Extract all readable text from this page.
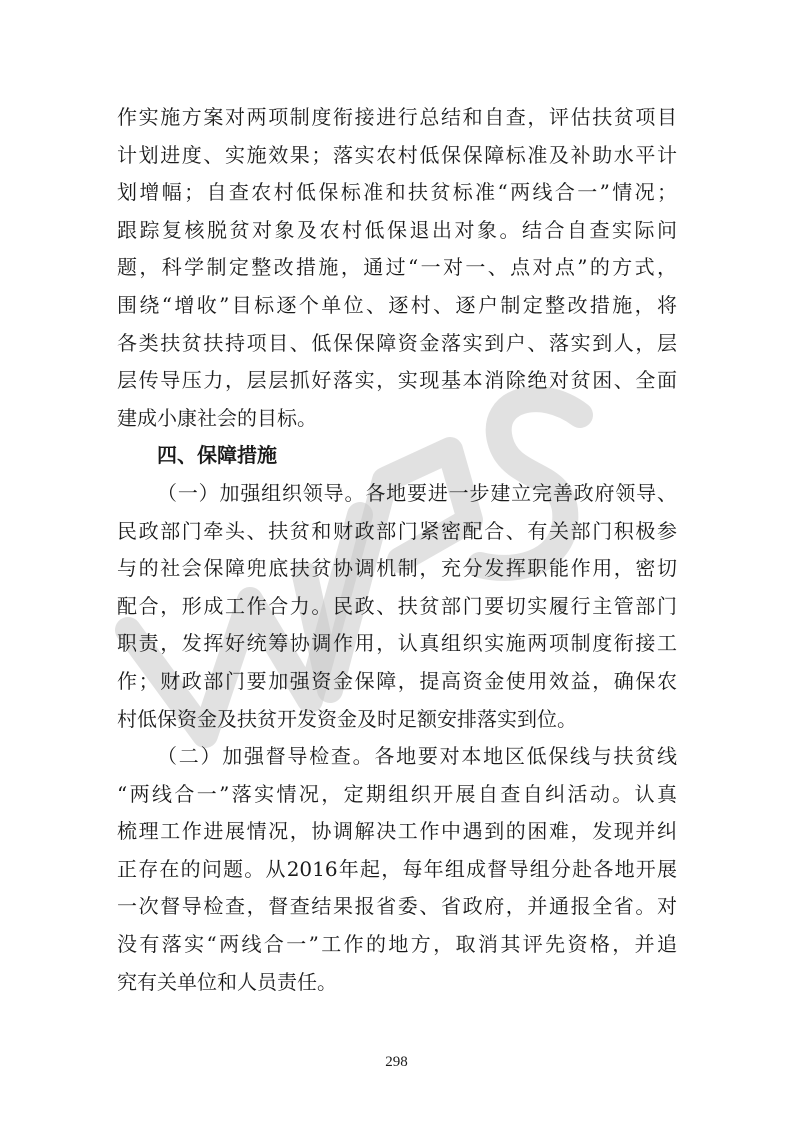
作实施方案对两项制度衔接进行总结和自查，评估扶贫项目
计划进度、实施效果；落实农村低保保障标准及补助水平计
划增幅；自查农村低保标准和扶贫标准“两线合一”情况；
跟踪复核脱贫对象及农村低保退出对象。结合自查实际问
题，科学制定整改措施，通过“一对一、点对点”的方式，
围绕“增收”目标逐个单位、逐村、逐户制定整改措施，将
各类扶贫扶持项目、低保保障资金落实到户、落实到人，层
层传导压力，层层抓好落实，实现基本消除绝对贫困、全面
建成小康社会的目标。
四、保障措施
（一）加强组织领导。各地要进一步建立完善政府领导、
民政部门牵头、扶贫和财政部门紧密配合、有关部门积极参
与的社会保障兜底扶贫协调机制，充分发挥职能作用，密切
配合，形成工作合力。民政、扶贫部门要切实履行主管部门
职责，发挥好统筹协调作用，认真组织实施两项制度衔接工
作；财政部门要加强资金保障，提高资金使用效益，确保农
村低保资金及扶贫开发资金及时足额安排落实到位。
（二）加强督导检查。各地要对本地区低保线与扶贫线
“两线合一”落实情况，定期组织开展自查自纠活动。认真
梳理工作进展情况，协调解决工作中遇到的困难，发现并纠
正存在的问题。从2016年起，每年组成督导组分赴各地开展
一次督导检查，督查结果报省委、省政府，并通报全省。对
没有落实“两线合一”工作的地方，取消其评先资格，并追
究有关单位和人员责任。
298
